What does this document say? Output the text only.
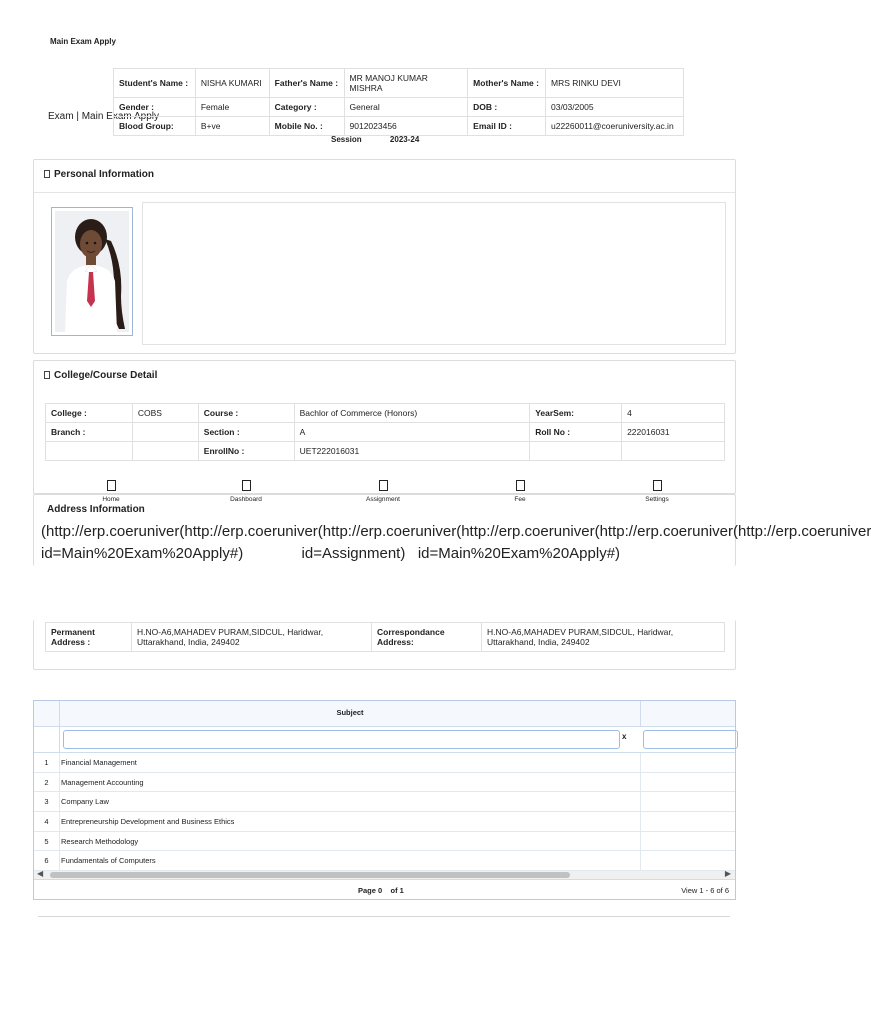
Main Exam Apply
Exam | Main Exam Apply
Session	2023-24
Personal Information
Student's Name :	NISHA KUMARI	Father's Name :	MR MANOJ KUMAR MISHRA	Mother's Name :	MRS RINKU DEVI
Gender :	Female	Category :	General	DOB :	03/03/2005
Blood Group:	B+ve	Mobile No. :	9012023456	Email ID :	u22260011@coeruniversity.ac.in
College/Course Detail
College :	COBS	Course :	Bachlor of Commerce (Honors)	YearSem:	4
Branch :		Section :	A	Roll No :	222016031
		EnrollNo :	UET222016031		
Address Information
Home	Dashboard	Assignment	Fee	Settings
(http://erp.coeruniver(http://erp.coeruniver(http://erp.coeruniver(http://erp.coeruniver(http://erp.coeruniver(http://erp.coeruniver
id=Main%20Exam%20Apply#)              id=Assignment)   id=Main%20Exam%20Apply#)
Permanent Address :	H.NO-A6,MAHADEV PURAM,SIDCUL, Haridwar, Uttarakhand, India, 249402	Correspondance Address:	H.NO-A6,MAHADEV PURAM,SIDCUL, Haridwar, Uttarakhand, India, 249402
Subject
x
1	Financial Management
2	Management Accounting
3	Company Law
4	Entrepreneurship Development and Business Ethics
5	Research Methodology
6	Fundamentals of Computers
◀	▶
Page 0    of 1	View 1 - 6 of 6
